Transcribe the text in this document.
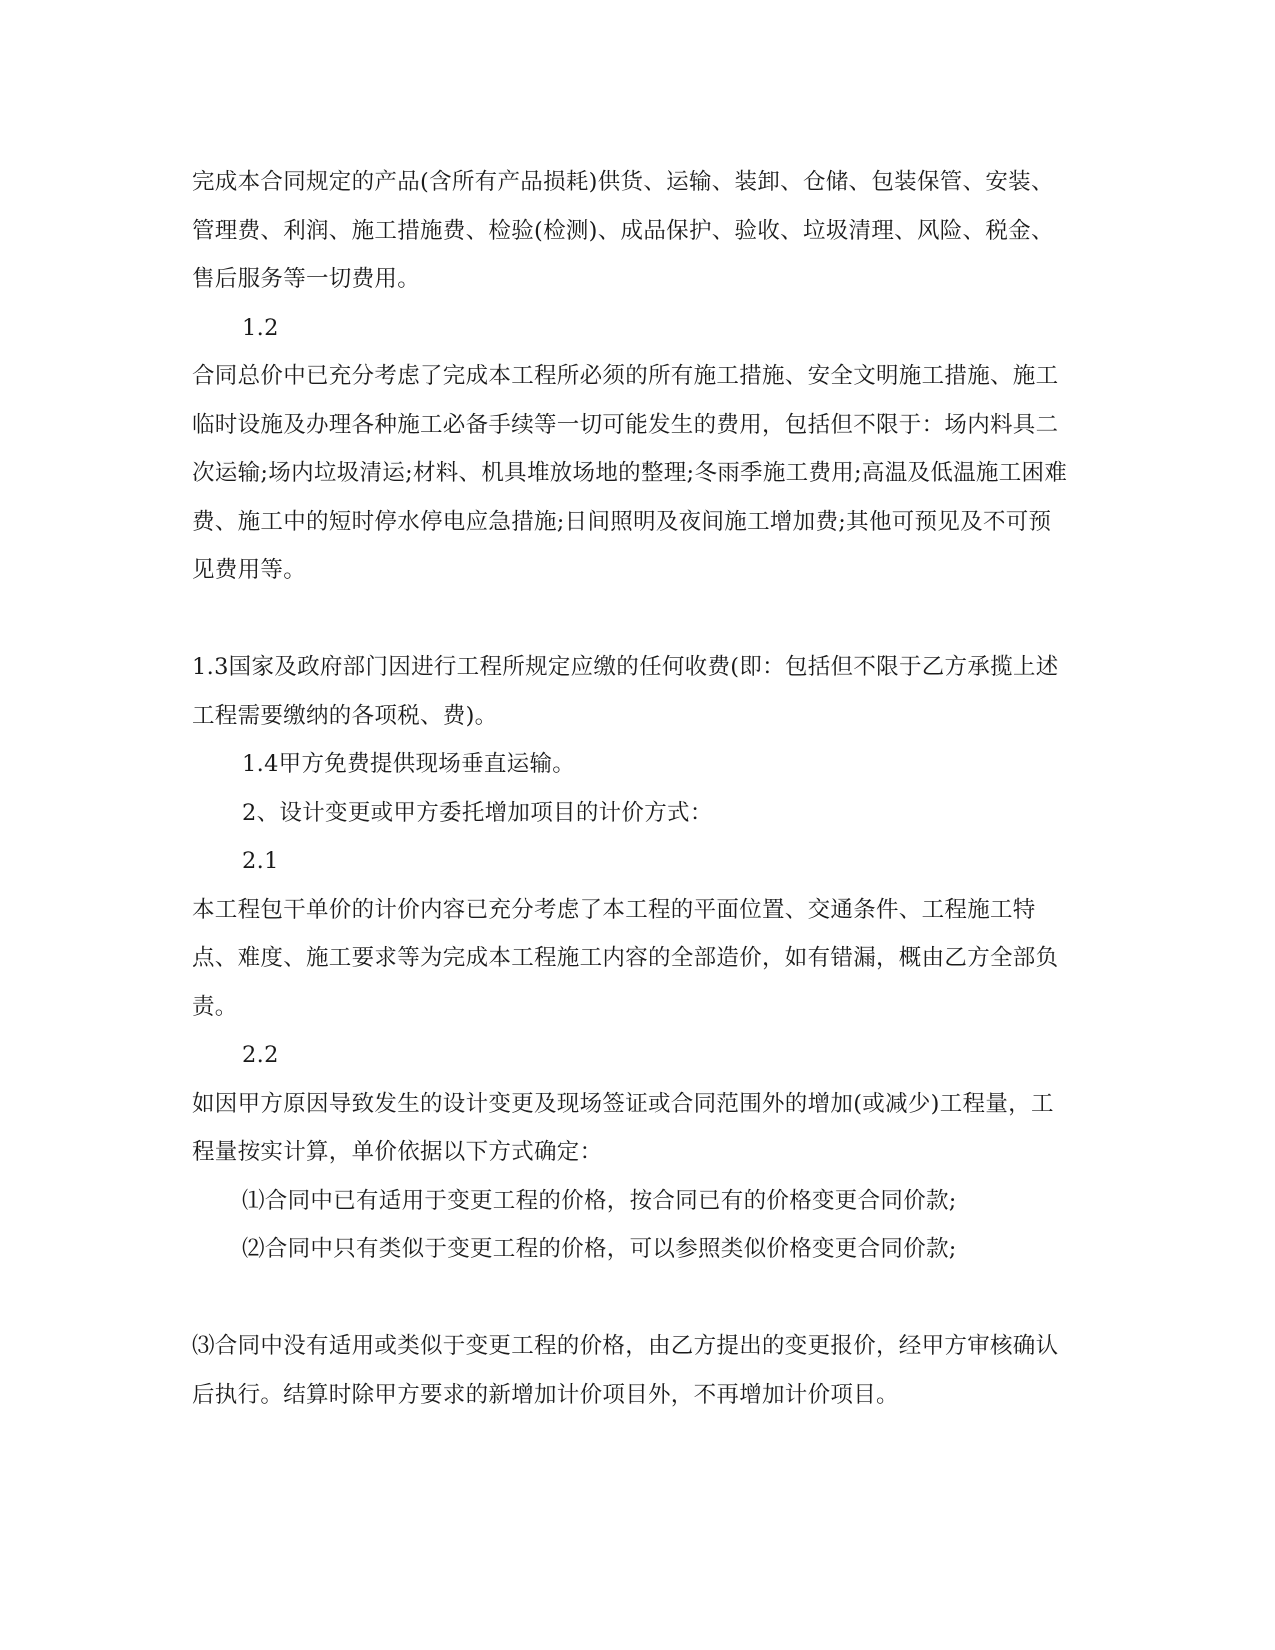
完成本合同规定的产品(含所有产品损耗)供货、运输、装卸、仓储、包装保管、安装、管理费、利润、施工措施费、检验(检测)、成品保护、验收、垃圾清理、风险、税金、售后服务等一切费用。

1.2

合同总价中已充分考虑了完成本工程所必须的所有施工措施、安全文明施工措施、施工临时设施及办理各种施工必备手续等一切可能发生的费用，包括但不限于：场内料具二次运输;场内垃圾清运;材料、机具堆放场地的整理;冬雨季施工费用;高温及低温施工困难费、施工中的短时停水停电应急措施;日间照明及夜间施工增加费;其他可预见及不可预见费用等。

1.3国家及政府部门因进行工程所规定应缴的任何收费(即：包括但不限于乙方承揽上述工程需要缴纳的各项税、费)。

1.4甲方免费提供现场垂直运输。

2、设计变更或甲方委托增加项目的计价方式：

2.1

本工程包干单价的计价内容已充分考虑了本工程的平面位置、交通条件、工程施工特点、难度、施工要求等为完成本工程施工内容的全部造价，如有错漏，概由乙方全部负责。

2.2

如因甲方原因导致发生的设计变更及现场签证或合同范围外的增加(或减少)工程量，工程量按实计算，单价依据以下方式确定：

⑴合同中已有适用于变更工程的价格，按合同已有的价格变更合同价款;

⑵合同中只有类似于变更工程的价格，可以参照类似价格变更合同价款;

⑶合同中没有适用或类似于变更工程的价格，由乙方提出的变更报价，经甲方审核确认后执行。结算时除甲方要求的新增加计价项目外，不再增加计价项目。
